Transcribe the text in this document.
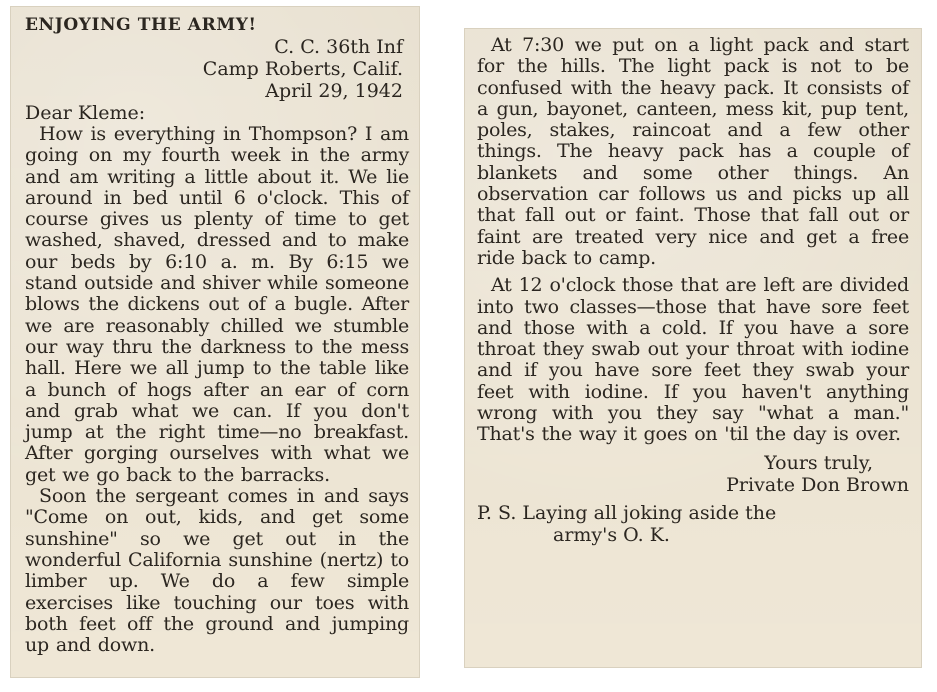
ENJOYING THE ARMY!

C. C. 36th Inf

Camp Roberts, Calif.

April 29, 1942

Dear Kleme:

How is everything in Thompson? I am going on my fourth week in the army and am writing a little about it. We lie around in bed until 6 o'clock. This of course gives us plenty of time to get washed, shaved, dressed and to make our beds by 6:10 a. m. By 6:15 we stand outside and shiver while someone blows the dickens out of a bugle. After we are reasonably chilled we stumble our way thru the darkness to the mess hall. Here we all jump to the table like a bunch of hogs after an ear of corn and grab what we can. If you don't jump at the right time—no breakfast. After gorging ourselves with what we get we go back to the barracks.

Soon the sergeant comes in and says "Come on out, kids, and get some sunshine" so we get out in the wonderful California sunshine (nertz) to limber up. We do a few simple exercises like touching our toes with both feet off the ground and jumping up and down.

At 7:30 we put on a light pack and start for the hills. The light pack is not to be confused with the heavy pack. It consists of a gun, bayonet, canteen, mess kit, pup tent, poles, stakes, raincoat and a few other things. The heavy pack has a couple of blankets and some other things. An observation car follows us and picks up all that fall out or faint. Those that fall out or faint are treated very nice and get a free ride back to camp.

At 12 o'clock those that are left are divided into two classes—those that have sore feet and those with a cold. If you have a sore throat they swab out your throat with iodine and if you have sore feet they swab your feet with iodine. If you haven't anything wrong with you they say "what a man." That's the way it goes on 'til the day is over.

Yours truly,

Private Don Brown

P. S. Laying all joking aside the

army's O. K.
